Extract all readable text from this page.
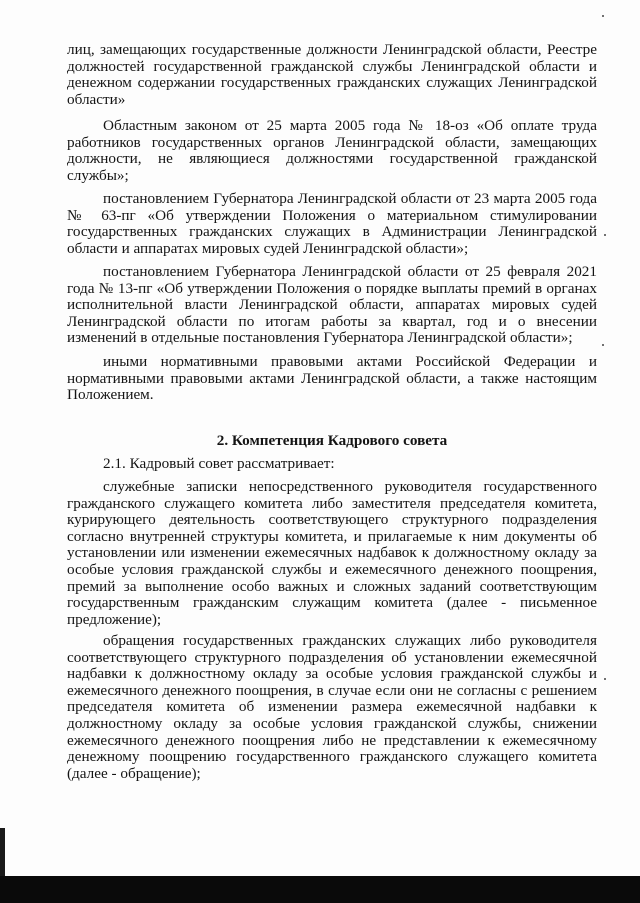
лиц, замещающих государственные должности Ленинградской области, Реестре должностей государственной гражданской службы Ленинградской области и денежном содержании государственных гражданских служащих Ленинградской области»

Областным законом от 25 марта 2005 года № 18-оз «Об оплате труда работников государственных органов Ленинградской области, замещающих должности, не являющиеся должностями государственной гражданской службы»;

постановлением Губернатора Ленинградской области от 23 марта 2005 года № 63-пг «Об утверждении Положения о материальном стимулировании государственных гражданских служащих в Администрации Ленинградской области и аппаратах мировых судей Ленинградской области»;

постановлением Губернатора Ленинградской области от 25 февраля 2021 года № 13-пг «Об утверждении Положения о порядке выплаты премий в органах исполнительной власти Ленинградской области, аппаратах мировых судей Ленинградской области по итогам работы за квартал, год и о внесении изменений в отдельные постановления Губернатора Ленинградской области»;

иными нормативными правовыми актами Российской Федерации и нормативными правовыми актами Ленинградской области, а также настоящим Положением.

2. Компетенция Кадрового совета

2.1. Кадровый совет рассматривает:

служебные записки непосредственного руководителя государственного гражданского служащего комитета либо заместителя председателя комитета, курирующего деятельность соответствующего структурного подразделения согласно внутренней структуры комитета, и прилагаемые к ним документы об установлении или изменении ежемесячных надбавок к должностному окладу за особые условия гражданской службы и ежемесячного денежного поощрения, премий за выполнение особо важных и сложных заданий соответствующим государственным гражданским служащим комитета (далее - письменное предложение);

обращения государственных гражданских служащих либо руководителя соответствующего структурного подразделения об установлении ежемесячной надбавки к должностному окладу за особые условия гражданской службы и ежемесячного денежного поощрения, в случае если они не согласны с решением председателя комитета об изменении размера ежемесячной надбавки к должностному окладу за особые условия гражданской службы, снижении ежемесячного денежного поощрения либо не представлении к ежемесячному денежному поощрению государственного гражданского служащего комитета (далее - обращение);
